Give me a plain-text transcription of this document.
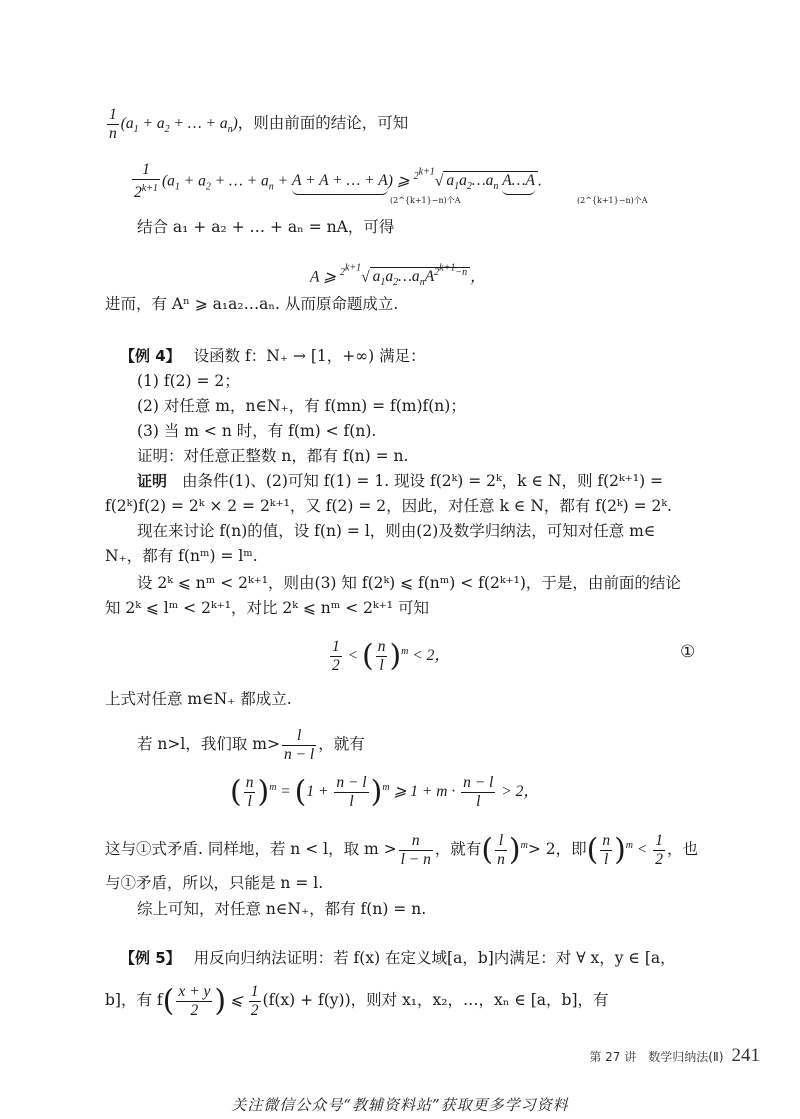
$\frac{1}{n} (a_1 + a_2$ + … + $a_n$)，则由前面的结论，可知
$\frac{1}{2^{k+1}} (a_1 + a_2$ + … + $a_n + A + A$ + … + A) ⩾ $^{2^{k+1}}$√ $a_1a_2\dots a_n$ A…A .
(2^{k+1}−n)个A	(2^{k+1}−n)个A
结合 a₁ + a₂ + … + aₙ = nA，可得
A ⩾ $^{2^{k+1}}$√ $a_1a_2\dots a_nA^{2^{k+1}-n}$ ，
进而，有 Aⁿ ⩾ a₁a₂…aₙ. 从而原命题成立.
【例 4】 设函数 f：N₊ → [1，+∞) 满足：
(1) f(2) = 2；
(2) 对任意 m，n∈N₊，有 f(mn) = f(m)f(n)；
(3) 当 m < n 时，有 f(m) < f(n).
证明：对任意正整数 n，都有 f(n) = n.
证明 由条件(1)、(2)可知 f(1) = 1. 现设 f(2ᵏ) = 2ᵏ，k ∈ N，则 f(2ᵏ⁺¹) =
f(2ᵏ)f(2) = 2ᵏ × 2 = 2ᵏ⁺¹，又 f(2) = 2，因此，对任意 k ∈ N，都有 f(2ᵏ) = 2ᵏ.
现在来讨论 f(n)的值，设 f(n) = l，则由(2)及数学归纳法，可知对任意 m∈
N₊，都有 f(nᵐ) = lᵐ.
设 2ᵏ ⩽ nᵐ < 2ᵏ⁺¹，则由(3) 知 f(2ᵏ) ⩽ f(nᵐ) < f(2ᵏ⁺¹)，于是，由前面的结论
知 2ᵏ ⩽ lᵐ < 2ᵏ⁺¹，对比 2ᵏ ⩽ nᵐ < 2ᵏ⁺¹ 可知
$\frac{1}{2}$ < ( $\frac{n}{l} )^m < 2$，	①
上式对任意 m∈N₊ 都成立.
若 n>l，我们取 $m> \frac{l}{n - l}$ ，就有
( $\frac{n}{l} )^m = (1 + \frac{n - l}{l} )^m$ ⩾ $1 + m \cdot \frac{n - l}{l} > 2$，
这与①式矛盾. 同样地，若 n < l，取 $m > \frac{n}{l - n}$ ，就有( $\frac{l}{n} )^m> 2$，即( $\frac{n}{l} )^m < \frac{1}{2}$ ，也
与①矛盾，所以，只能是 n = l.
综上可知，对任意 n∈N₊，都有 f(n) = n.
【例 5】 用反向归纳法证明：若 f(x) 在定义域[a，b]内满足：对 ∀ x，y ∈ [a，
b]，有 $f( \frac{x + y}{2}$ ) ⩽ $\frac{1}{2} (f(x) + f(y))$，则对 x₁，x₂，…，xₙ ∈ [a，b]，有
第 27 讲　数学归纳法(Ⅱ) 241
关注微信公众号“教辅资料站”获取更多学习资料
